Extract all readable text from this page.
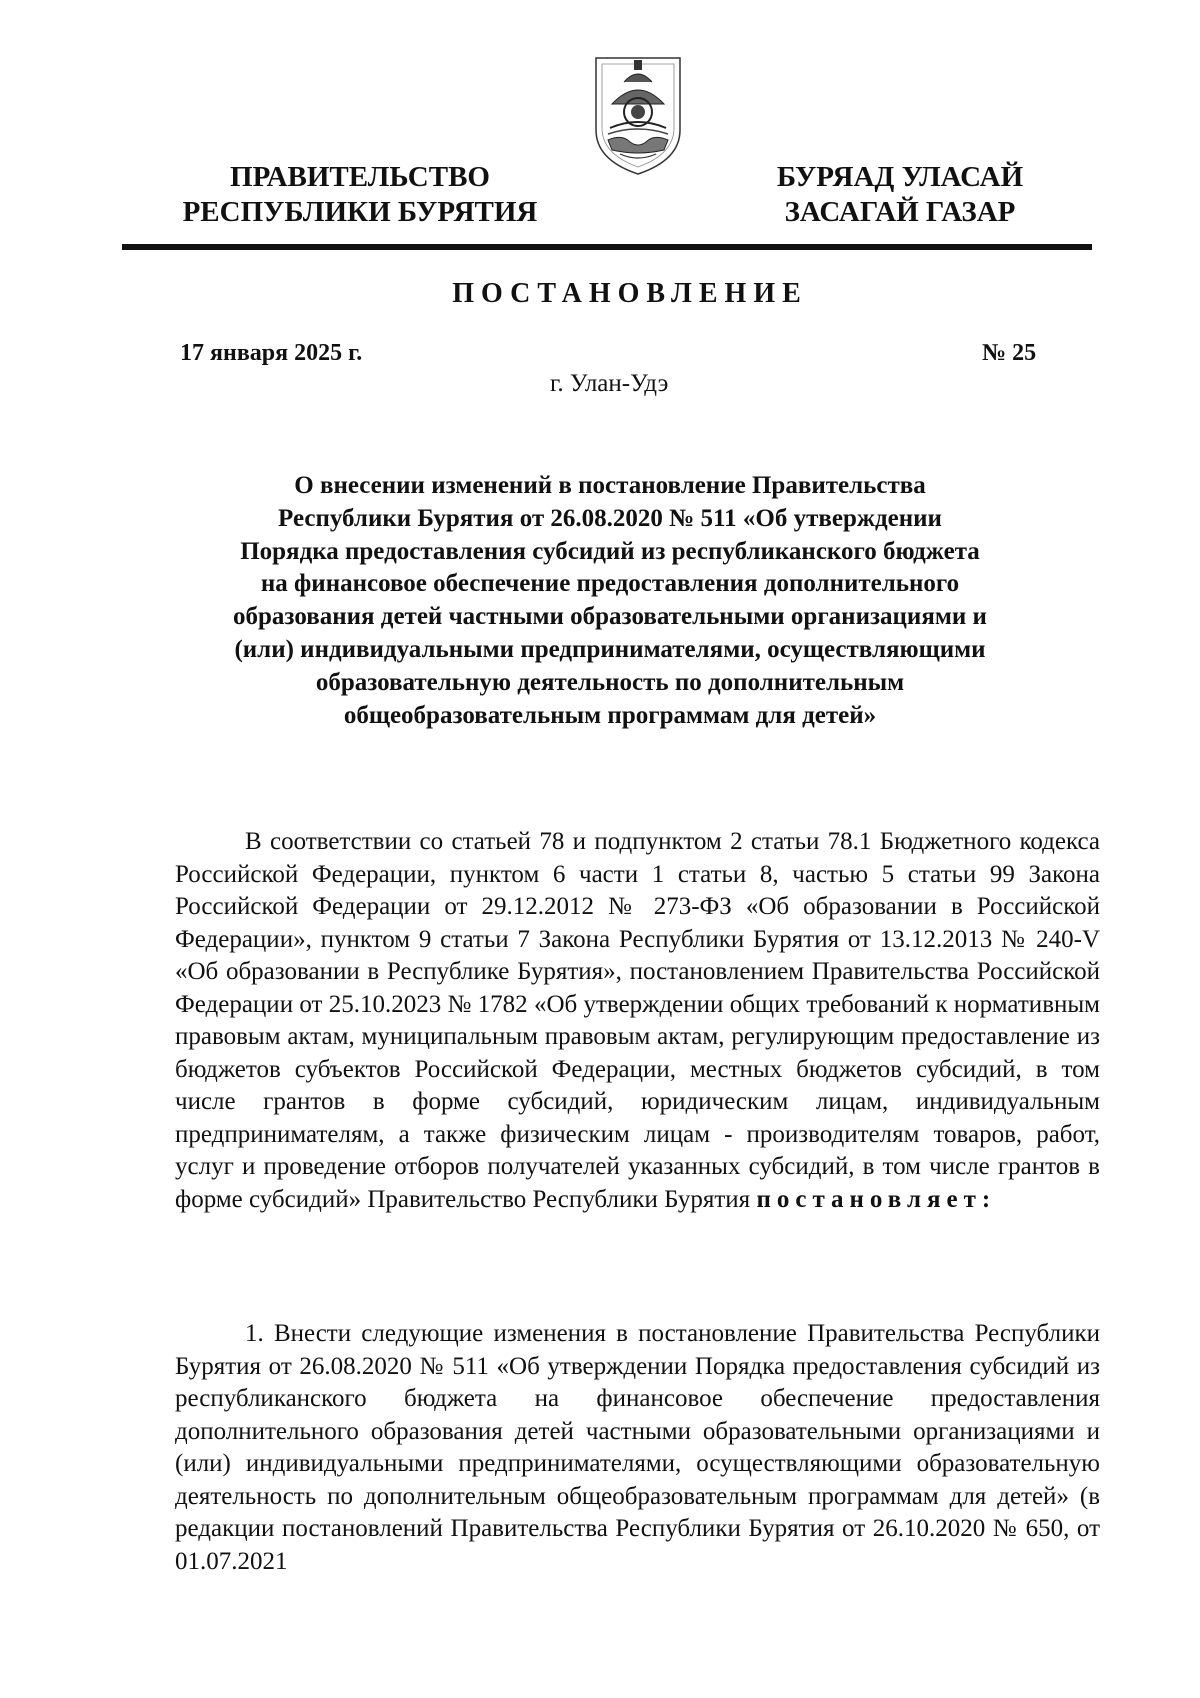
ПРАВИТЕЛЬСТВО
РЕСПУБЛИКИ БУРЯТИЯ
БУРЯАД УЛАСАЙ
ЗАСАГАЙ ГАЗАР
ПОСТАНОВЛЕНИЕ
17 января 2025 г.	№ 25
г. Улан-Удэ
О внесении изменений в постановление Правительства Республики Бурятия от 26.08.2020 № 511 «Об утверждении Порядка предоставления субсидий из республиканского бюджета на финансовое обеспечение предоставления дополнительного образования детей частными образовательными организациями и (или) индивидуальными предпринимателями, осуществляющими образовательную деятельность по дополнительным общеобразовательным программам для детей»
В соответствии со статьей 78 и подпунктом 2 статьи 78.1 Бюджетного кодекса Российской Федерации, пунктом 6 части 1 статьи 8, частью 5 статьи 99 Закона Российской Федерации от 29.12.2012 № 273-ФЗ «Об образовании в Российской Федерации», пунктом 9 статьи 7 Закона Республики Бурятия от 13.12.2013 № 240-V «Об образовании в Республике Бурятия», постановлением Правительства Российской Федерации от 25.10.2023 № 1782 «Об утверждении общих требований к нормативным правовым актам, муниципальным правовым актам, регулирующим предоставление из бюджетов субъектов Российской Федерации, местных бюджетов субсидий, в том числе грантов в форме субсидий, юридическим лицам, индивидуальным предпринимателям, а также физическим лицам - производителям товаров, работ, услуг и проведение отборов получателей указанных субсидий, в том числе грантов в форме субсидий» Правительство Республики Бурятия постановляет:
1. Внести следующие изменения в постановление Правительства Республики Бурятия от 26.08.2020 № 511 «Об утверждении Порядка предоставления субсидий из республиканского бюджета на финансовое обеспечение предоставления дополнительного образования детей частными образовательными организациями и (или) индивидуальными предпринимателями, осуществляющими образовательную деятельность по дополнительным общеобразовательным программам для детей» (в редакции постановлений Правительства Республики Бурятия от 26.10.2020 № 650, от 01.07.2021
